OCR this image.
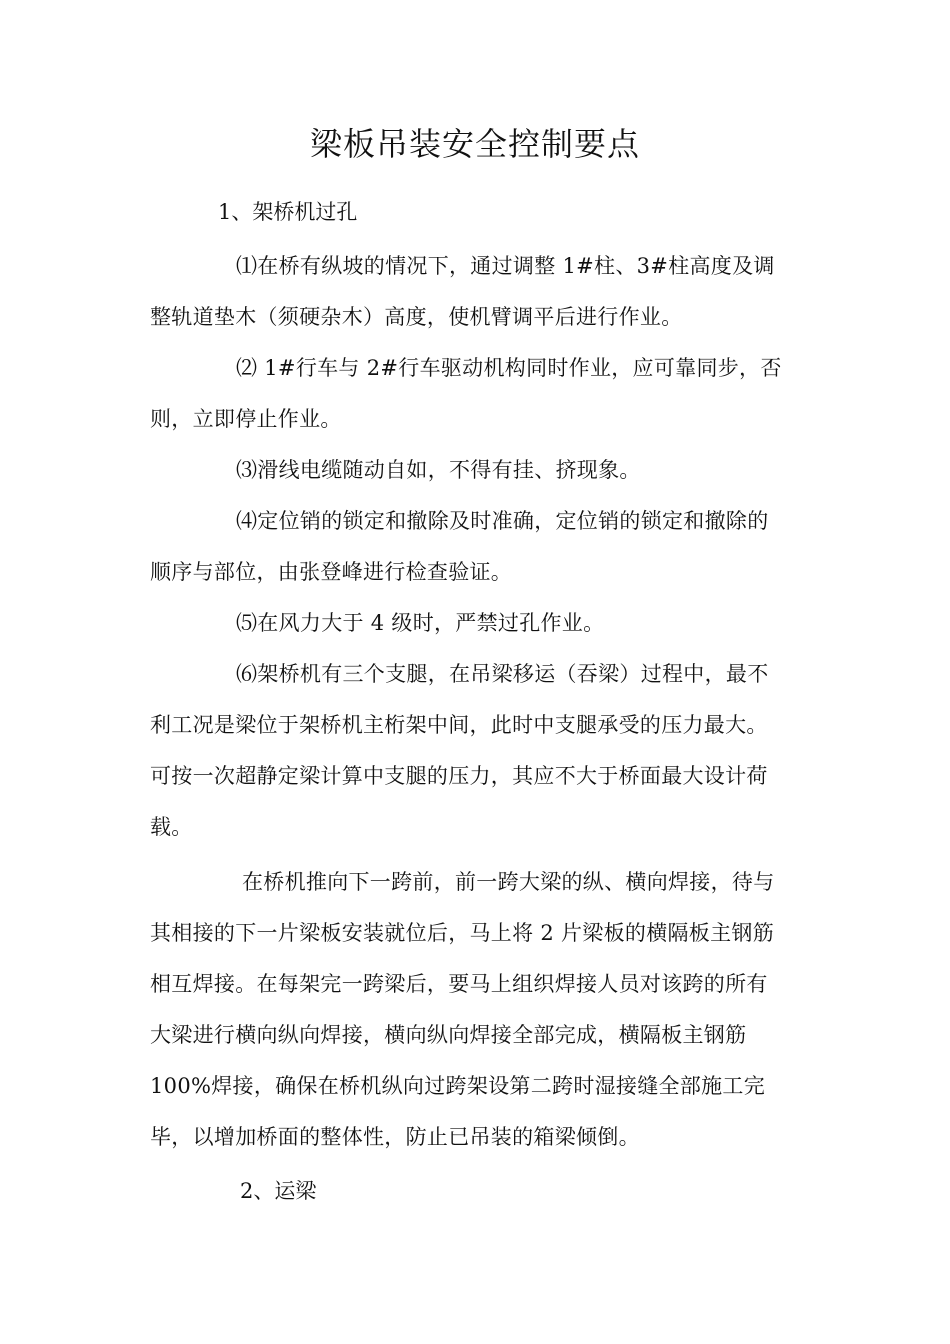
梁板吊装安全控制要点

1、架桥机过孔

⑴在桥有纵坡的情况下，通过调整 1#柱、3#柱高度及调
整轨道垫木（须硬杂木）高度，使机臂调平后进行作业。

⑵ 1#行车与 2#行车驱动机构同时作业，应可靠同步，否
则，立即停止作业。

⑶滑线电缆随动自如，不得有挂、挤现象。

⑷定位销的锁定和撤除及时准确，定位销的锁定和撤除的
顺序与部位，由张登峰进行检查验证。

⑸在风力大于 4 级时，严禁过孔作业。

⑹架桥机有三个支腿，在吊梁移运（吞梁）过程中，最不
利工况是梁位于架桥机主桁架中间，此时中支腿承受的压力最大。
可按一次超静定梁计算中支腿的压力，其应不大于桥面最大设计荷
载。

在桥机推向下一跨前，前一跨大梁的纵、横向焊接，待与
其相接的下一片梁板安装就位后，马上将 2 片梁板的横隔板主钢筋
相互焊接。在每架完一跨梁后，要马上组织焊接人员对该跨的所有
大梁进行横向纵向焊接，横向纵向焊接全部完成，横隔板主钢筋
100%焊接，确保在桥机纵向过跨架设第二跨时湿接缝全部施工完
毕，以增加桥面的整体性，防止已吊装的箱梁倾倒。

2、运梁
